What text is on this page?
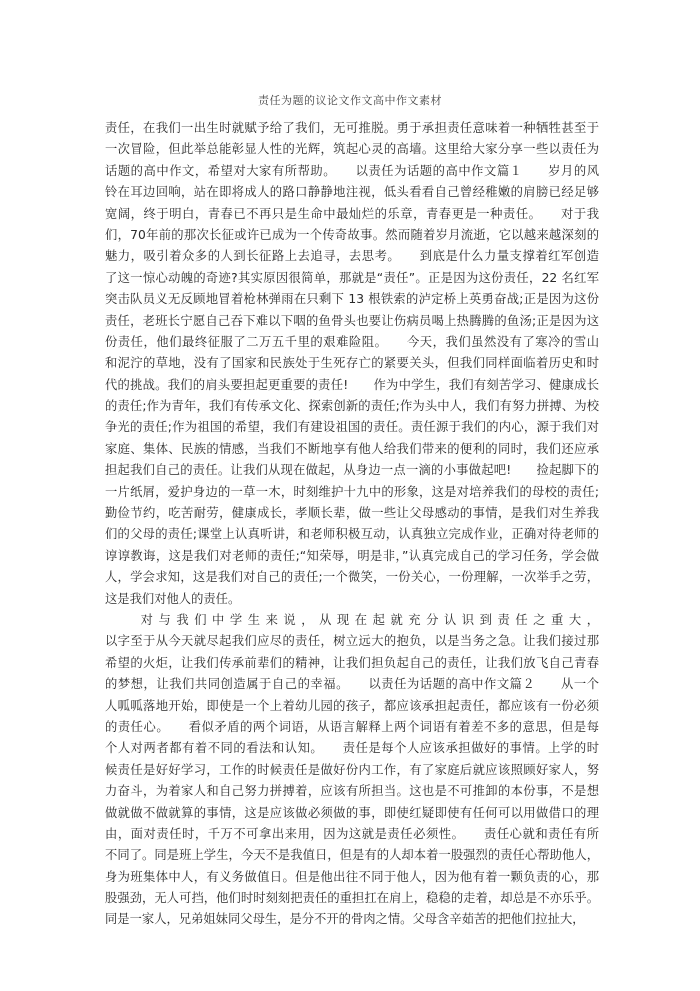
责任为题的议论文作文高中作文素材
责任，在我们一出生时就赋予给了我们，无可推脱。勇于承担责任意味着一种牺牲甚至于
一次冒险，但此举总能彰显人性的光辉，筑起心灵的高墙。这里给大家分享一些以责任为
话题的高中作文，希望对大家有所帮助。　　以责任为话题的高中作文篇１　　岁月的风
铃在耳边回响，站在即将成人的路口静静地注视，低头看看自己曾经稚嫩的肩膀已经足够
宽阔，终于明白，青春已不再只是生命中最灿烂的乐章，青春更是一种责任。　　对于我
们，70年前的那次长征或许已成为一个传奇故事。然而随着岁月流逝，它以越来越深刻的
魅力，吸引着众多的人到长征路上去追寻，去思考。　　到底是什么力量支撑着红军创造
了这一惊心动魄的奇迹?其实原因很简单，那就是“责任”。正是因为这份责任，22 名红军
突击队员义无反顾地冒着枪林弹雨在只剩下 13 根铁索的泸定桥上英勇奋战;正是因为这份
责任，老班长宁愿自己吞下难以下咽的鱼骨头也要让伤病员喝上热腾腾的鱼汤;正是因为这
份责任，他们最终征服了二万五千里的艰难险阻。　　今天，我们虽然没有了寒冷的雪山
和泥泞的草地，没有了国家和民族处于生死存亡的紧要关头，但我们同样面临着历史和时
代的挑战。我们的肩头要担起更重要的责任!　　作为中学生，我们有刻苦学习、健康成长
的责任;作为青年，我们有传承文化、探索创新的责任;作为头中人，我们有努力拼搏、为校
争光的责任;作为祖国的希望，我们有建设祖国的责任。责任源于我们的内心，源于我们对
家庭、集体、民族的情感，当我们不断地享有他人给我们带来的便利的同时，我们还应承
担起我们自己的责任。让我们从现在做起，从身边一点一滴的小事做起吧!　　捡起脚下的
一片纸屑，爱护身边的一草一木，时刻维护十九中的形象，这是对培养我们的母校的责任;
勤俭节约，吃苦耐劳，健康成长，孝顺长辈，做一些让父母感动的事情，是我们对生养我
们的父母的责任;课堂上认真听讲，和老师积极互动，认真独立完成作业，正确对待老师的
谆谆教诲，这是我们对老师的责任;“知荣辱，明是非，”认真完成自己的学习任务，学会做
人，学会求知，这是我们对自己的责任;一个微笑，一份关心，一份理解，一次举手之劳，
这是我们对他人的责任。
　　对与我们中学生来说，从现在起就充分认识到责任之重大，
以字至于从今天就尽起我们应尽的责任，树立远大的抱负，以是当务之急。让我们接过那
希望的火炬，让我们传承前辈们的精神，让我们担负起自己的责任，让我们放飞自己青春
的梦想，让我们共同创造属于自己的幸福。　　以责任为话题的高中作文篇２　　从一个
人呱呱落地开始，即使是一个上着幼儿园的孩子，都应该承担起责任，都应该有一份必须
的责任心。　　看似矛盾的两个词语，从语言解释上两个词语有着差不多的意思，但是每
个人对两者都有着不同的看法和认知。　　责任是每个人应该承担做好的事情。上学的时
候责任是好好学习，工作的时候责任是做好份内工作，有了家庭后就应该照顾好家人，努
力奋斗，为着家人和自己努力拼搏着，应该有所担当。这也是不可推卸的本份事，不是想
做就做不做就算的事情，这是应该做必须做的事，即使红疑即使有任何可以用做借口的理
由，面对责任时，千万不可拿出来用，因为这就是责任必须性。　　责任心就和责任有所
不同了。同是班上学生，今天不是我值日，但是有的人却本着一股强烈的责任心帮助他人，
身为班集体中人，有义务做值日。但是他出往不同于他人，因为他有着一颗负责的心，那
股强劲，无人可挡，他们时时刻刻把责任的重担扛在肩上，稳稳的走着，却总是不亦乐乎。
同是一家人，兄弟姐妹同父母生，是分不开的骨肉之情。父母含辛茹苦的把他们拉扯大，
